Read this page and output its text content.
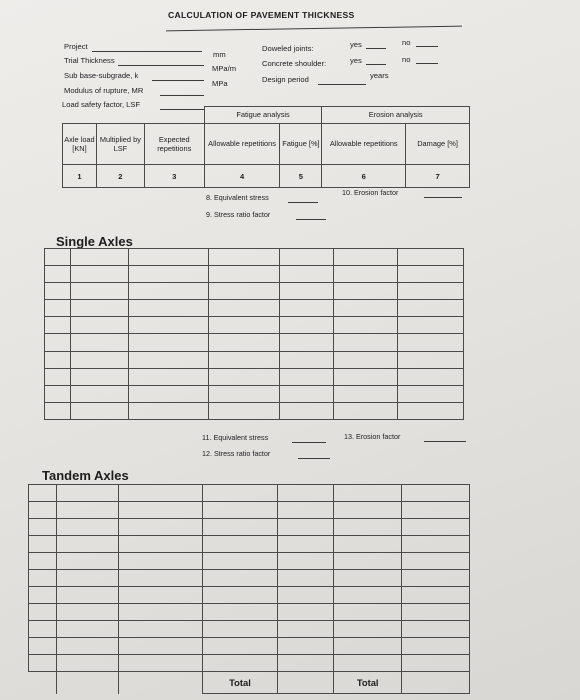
CALCULATION OF PAVEMENT THICKNESS
Project
Trial Thickness
mm
Sub base-subgrade, k
MPa/m
Modulus of rupture, MR
MPa
Load safety factor, LSF
Doweled joints:	yes	no
Concrete shoulder:	yes	no
Design period	years
			Fatigue analysis		Erosion analysis	
Axle load [KN]	Multiplied by LSF	Expected repetitions	Allowable repetitions	Fatigue [%]	Allowable repetitions	Damage [%]
1	2	3	4	5	6	7
8. Equivalent stress
9. Stress ratio factor
10. Erosion factor
Single Axles

11. Equivalent stress
12. Stress ratio factor
13. Erosion factor
Tandem Axles

			Total		Total	
